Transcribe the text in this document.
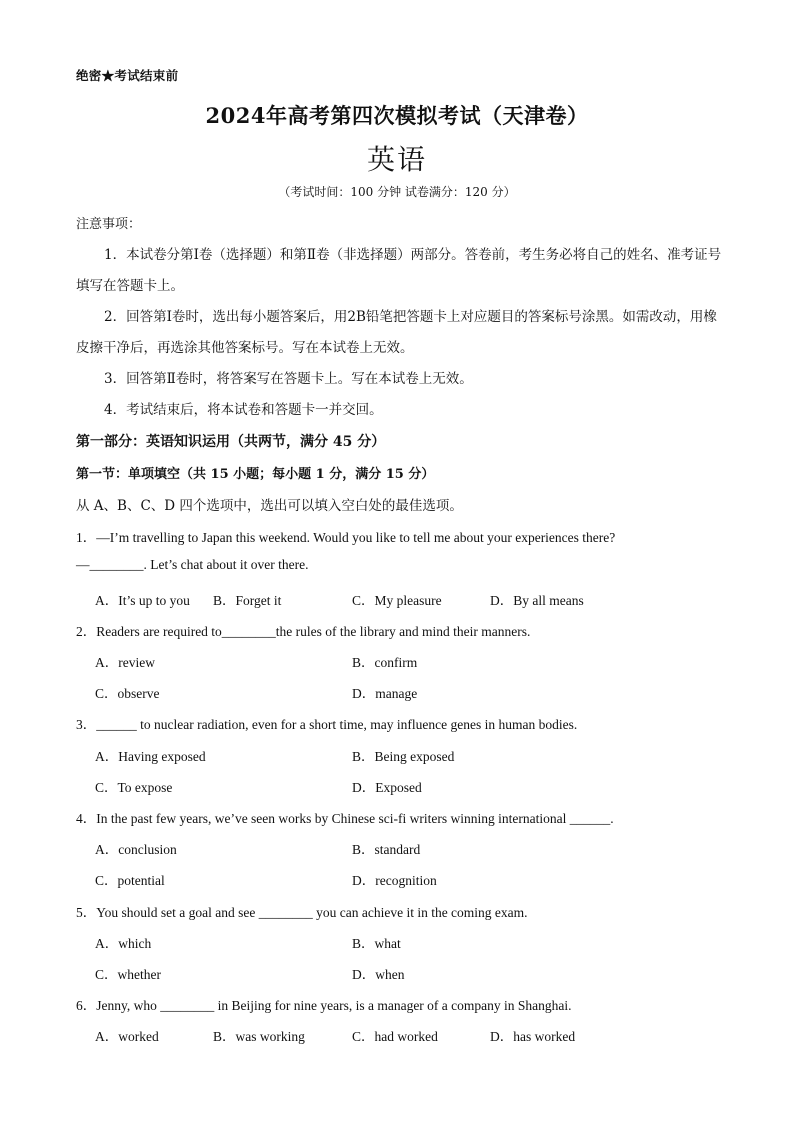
绝密★考试结束前
2024年高考第四次模拟考试（天津卷）
英语
（考试时间：100 分钟 试卷满分：120 分）
注意事项：
1．本试卷分第Ⅰ卷（选择题）和第Ⅱ卷（非选择题）两部分。答卷前，考生务必将自己的姓名、准考证号填写在答题卡上。
2．回答第Ⅰ卷时，选出每小题答案后，用2B铅笔把答题卡上对应题目的答案标号涂黑。如需改动，用橡皮擦干净后，再选涂其他答案标号。写在本试卷上无效。
3．回答第Ⅱ卷时，将答案写在答题卡上。写在本试卷上无效。
4．考试结束后，将本试卷和答题卡一并交回。
第一部分：英语知识运用（共两节，满分 45 分）
第一节：单项填空（共 15 小题；每小题 1 分，满分 15 分）
从 A、B、C、D 四个选项中，选出可以填入空白处的最佳选项。
1．—I’m travelling to Japan this weekend. Would you like to tell me about your experiences there?
—________. Let’s chat about it over there.
A．It’s up to you B．Forget it	C．My pleasure	D．By all means
2．Readers are required to________the rules of the library and mind their manners.
A．review	B．confirm
C．observe	D．manage
3．______ to nuclear radiation, even for a short time, may influence genes in human bodies.
A．Having exposed	B．Being exposed
C．To expose	D．Exposed
4．In the past few years, we’ve seen works by Chinese sci-fi writers winning international ______.
A．conclusion	B．standard
C．potential	D．recognition
5．You should set a goal and see ________ you can achieve it in the coming exam.
A．which	B．what
C．whether	D．when
6．Jenny, who ________ in Beijing for nine years, is a manager of a company in Shanghai.
A．worked	B．was working	C．had worked	D．has worked
